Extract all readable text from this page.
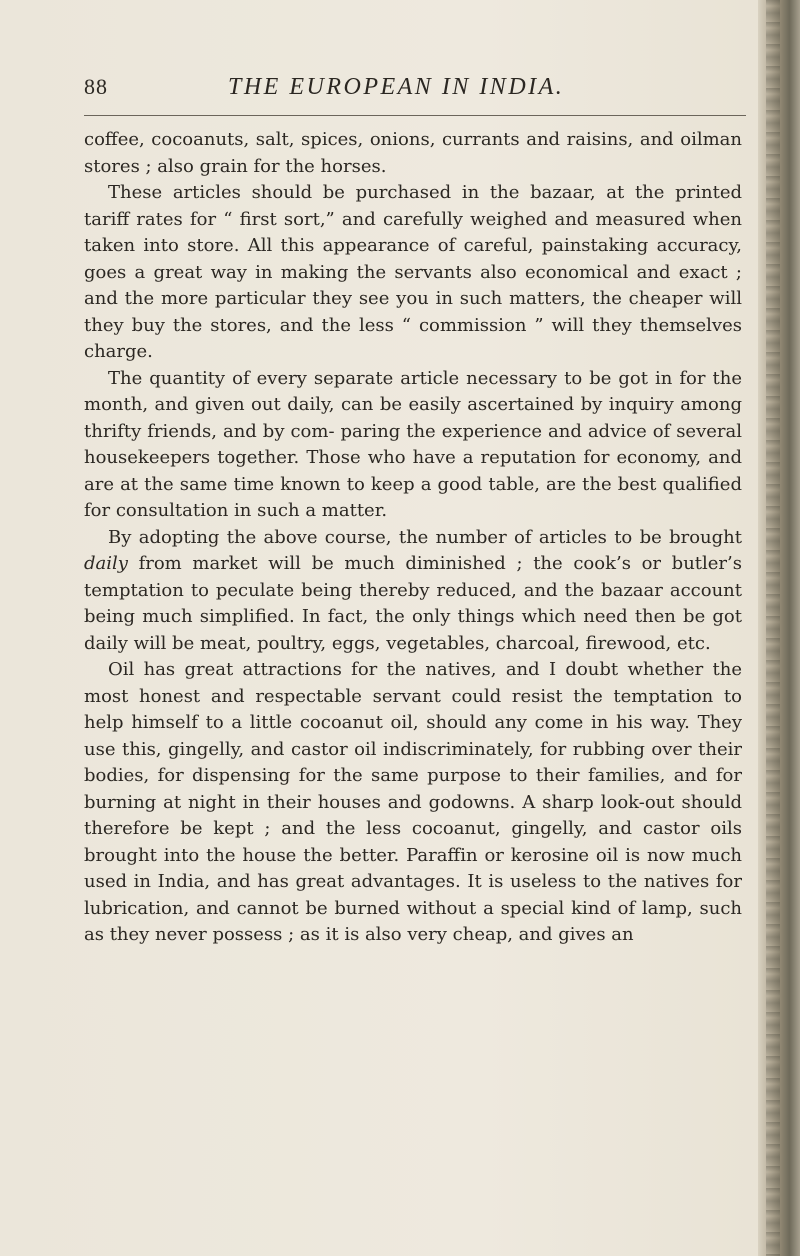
88	THE EUROPEAN IN INDIA.

coffee, cocoanuts, salt, spices, onions, currants and raisins, and oilman stores ; also grain for the horses.

These articles should be purchased in the bazaar, at the printed tariff rates for “ first sort,” and carefully weighed and measured when taken into store. All this appearance of careful, painstaking accuracy, goes a great way in making the servants also economical and exact ; and the more particular they see you in such matters, the cheaper will they buy the stores, and the less “ commission ” will they themselves charge.

The quantity of every separate article necessary to be got in for the month, and given out daily, can be easily ascertained by inquiry among thrifty friends, and by com- paring the experience and advice of several housekeepers together. Those who have a reputation for economy, and are at the same time known to keep a good table, are the best qualified for consultation in such a matter.

By adopting the above course, the number of articles to be brought daily from market will be much diminished ; the cook’s or butler’s temptation to peculate being thereby reduced, and the bazaar account being much simplified. In fact, the only things which need then be got daily will be meat, poultry, eggs, vegetables, charcoal, firewood, etc.

Oil has great attractions for the natives, and I doubt whether the most honest and respectable servant could resist the temptation to help himself to a little cocoanut oil, should any come in his way. They use this, gingelly, and castor oil indiscriminately, for rubbing over their bodies, for dispensing for the same purpose to their families, and for burning at night in their houses and godowns. A sharp look-out should therefore be kept ; and the less cocoanut, gingelly, and castor oils brought into the house the better. Paraffin or kerosine oil is now much used in India, and has great advantages. It is useless to the natives for lubrication, and cannot be burned without a special kind of lamp, such as they never possess ; as it is also very cheap, and gives an
